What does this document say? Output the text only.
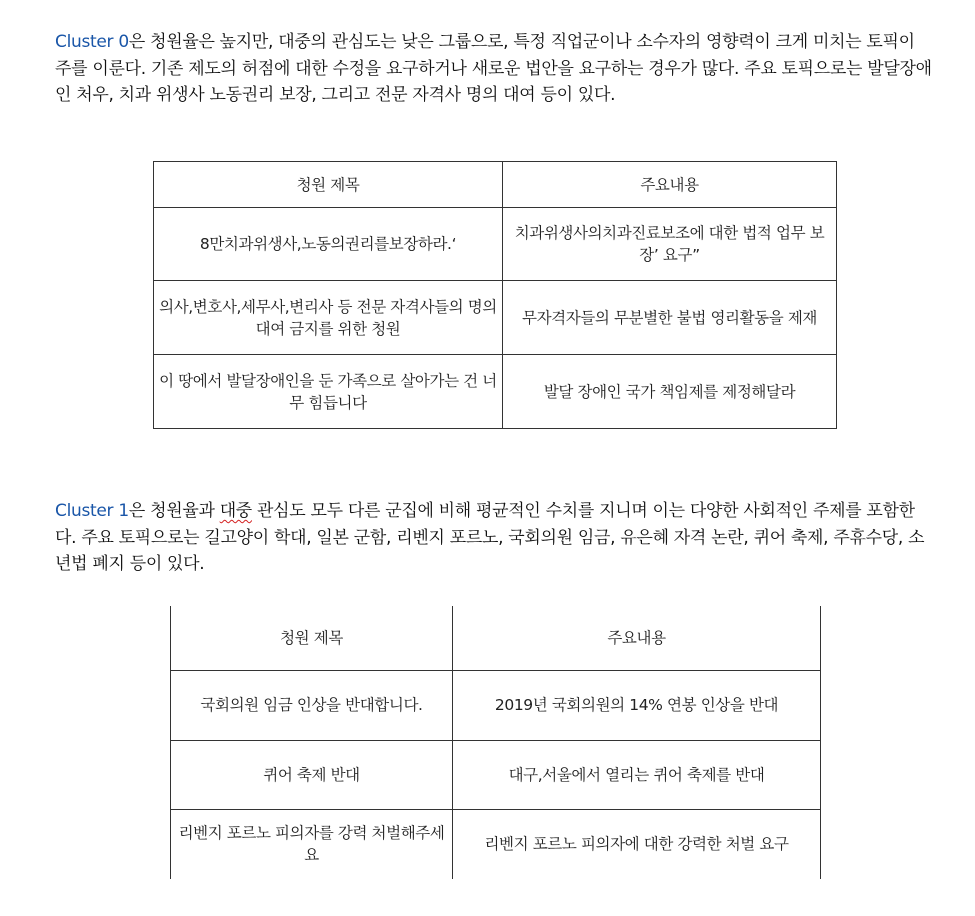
Cluster 0은 청원율은 높지만, 대중의 관심도는 낮은 그룹으로, 특정 직업군이나 소수자의 영향력이 크게 미치는 토픽이 주를 이룬다. 기존 제도의 허점에 대한 수정을 요구하거나 새로운 법안을 요구하는 경우가 많다. 주요 토픽으로는 발달장애인 처우, 치과 위생사 노동권리 보장, 그리고 전문 자격사 명의 대여 등이 있다.

청원 제목	주요내용
8만치과위생사,노동의권리를보장하라.‘	치과위생사의치과진료보조에 대한 법적 업무 보장’ 요구”
의사,변호사,세무사,변리사 등 전문 자격사들의 명의 대여 금지를 위한 청원	무자격자들의 무분별한 불법 영리활동을 제재
이 땅에서 발달장애인을 둔 가족으로 살아가는 건 너무 힘듭니다	발달 장애인 국가 책임제를 제정해달라

Cluster 1은 청원율과 대중 관심도 모두 다른 군집에 비해 평균적인 수치를 지니며 이는 다양한 사회적인 주제를 포함한다. 주요 토픽으로는 길고양이 학대, 일본 군함, 리벤지 포르노, 국회의원 임금, 유은혜 자격 논란, 퀴어 축제, 주휴수당, 소년법 폐지 등이 있다.

청원 제목	주요내용
국회의원 임금 인상을 반대합니다.	2019년 국회의원의 14% 연봉 인상을 반대
퀴어 축제 반대	대구,서울에서 열리는 퀴어 축제를 반대
리벤지 포르노 피의자를 강력 처벌해주세요	리벤지 포르노 피의자에 대한 강력한 처벌 요구
